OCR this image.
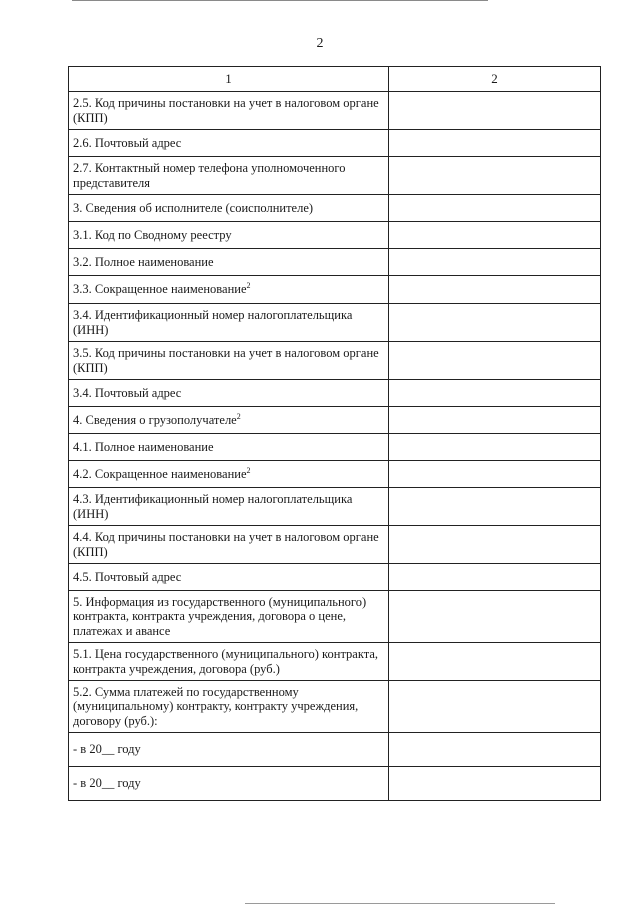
2
1	2
2.5. Код причины постановки на учет в налоговом органе (КПП)	
2.6. Почтовый адрес	
2.7. Контактный номер телефона уполномоченного представителя	
3. Сведения об исполнителе (соисполнителе)	
3.1. Код по Сводному реестру	
3.2. Полное наименование	
3.3. Сокращенное наименование$^2$	
3.4. Идентификационный номер налогоплательщика (ИНН)	
3.5. Код причины постановки на учет в налоговом органе (КПП)	
3.4. Почтовый адрес	
4. Сведения о грузополучателе$^2$	
4.1. Полное наименование	
4.2. Сокращенное наименование$^2$	
4.3. Идентификационный номер налогоплательщика (ИНН)	
4.4. Код причины постановки на учет в налоговом органе (КПП)	
4.5. Почтовый адрес	
5. Информация из государственного (муниципального) контракта, контракта учреждения, договора о цене, платежах и авансе	
5.1. Цена государственного (муниципального) контракта, контракта учреждения, договора (руб.)	
5.2. Сумма платежей по государственному (муниципальному) контракту, контракту учреждения, договору (руб.):	
- в 20__ году	
- в 20__ году	
